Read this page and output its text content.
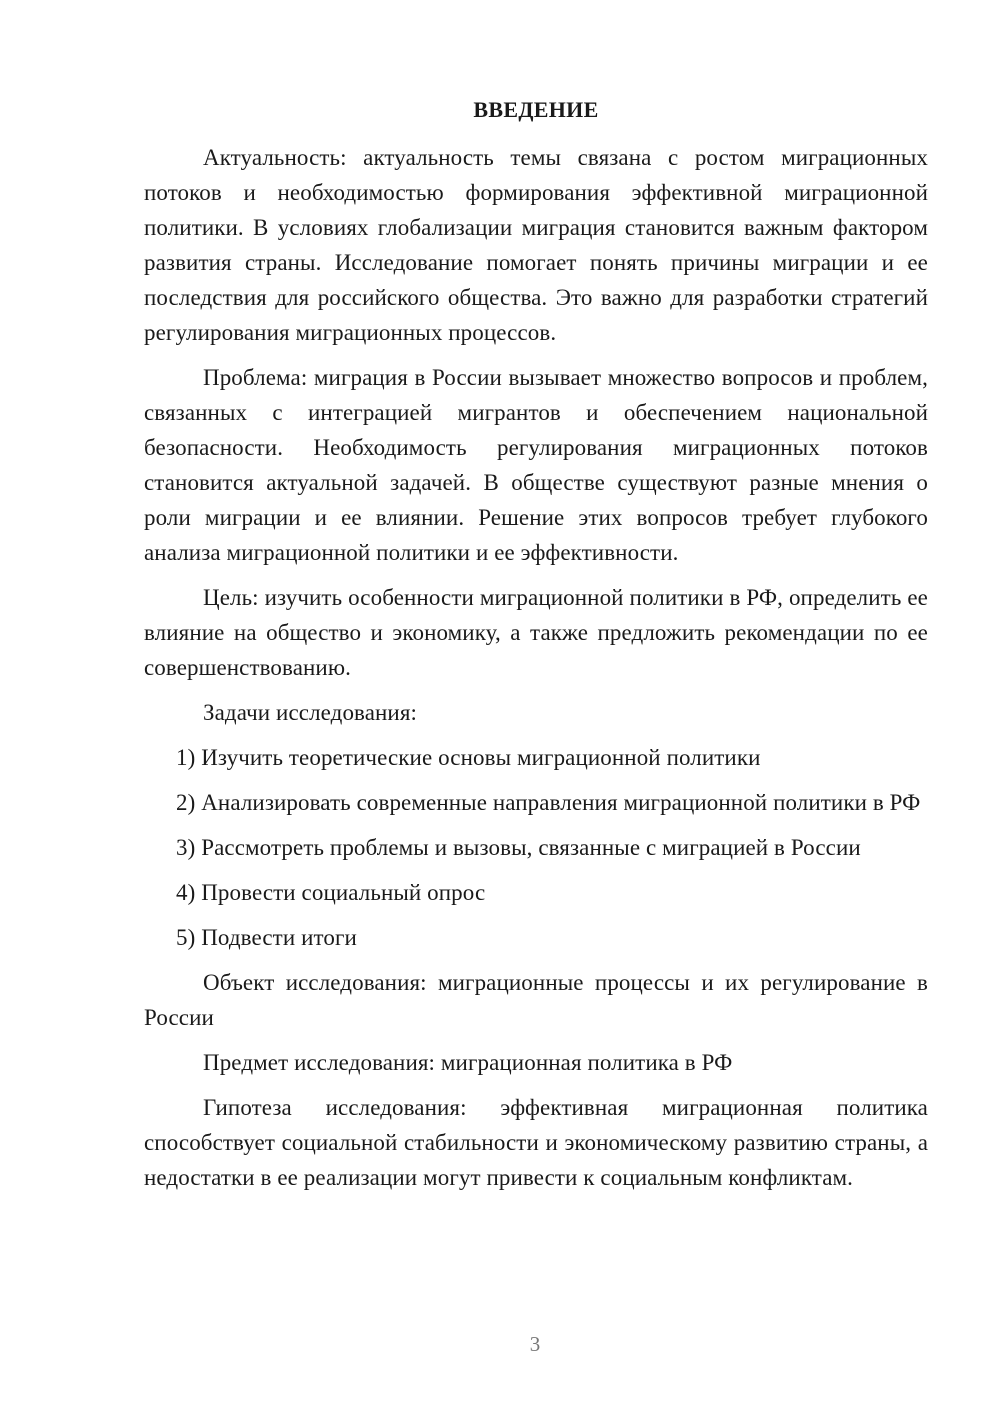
ВВЕДЕНИЕ

Актуальность: актуальность темы связана с ростом миграционных потоков и необходимостью формирования эффективной миграционной политики. В условиях глобализации миграция становится важным фактором развития страны. Исследование помогает понять причины миграции и ее последствия для российского общества. Это важно для разработки стратегий регулирования миграционных процессов.

Проблема: миграция в России вызывает множество вопросов и проблем, связанных с интеграцией мигрантов и обеспечением национальной безопасности. Необходимость регулирования миграционных потоков становится актуальной задачей. В обществе существуют разные мнения о роли миграции и ее влиянии. Решение этих вопросов требует глубокого анализа миграционной политики и ее эффективности.

Цель: изучить особенности миграционной политики в РФ, определить ее влияние на общество и экономику, а также предложить рекомендации по ее совершенствованию.

Задачи исследования:

1) Изучить теоретические основы миграционной политики

2) Анализировать современные направления миграционной политики в РФ

3) Рассмотреть проблемы и вызовы, связанные с миграцией в России

4) Провести социальный опрос

5) Подвести итоги

Объект исследования: миграционные процессы и их регулирование в России

Предмет исследования: миграционная политика в РФ

Гипотеза исследования: эффективная миграционная политика способствует социальной стабильности и экономическому развитию страны, а недостатки в ее реализации могут привести к социальным конфликтам.

3
